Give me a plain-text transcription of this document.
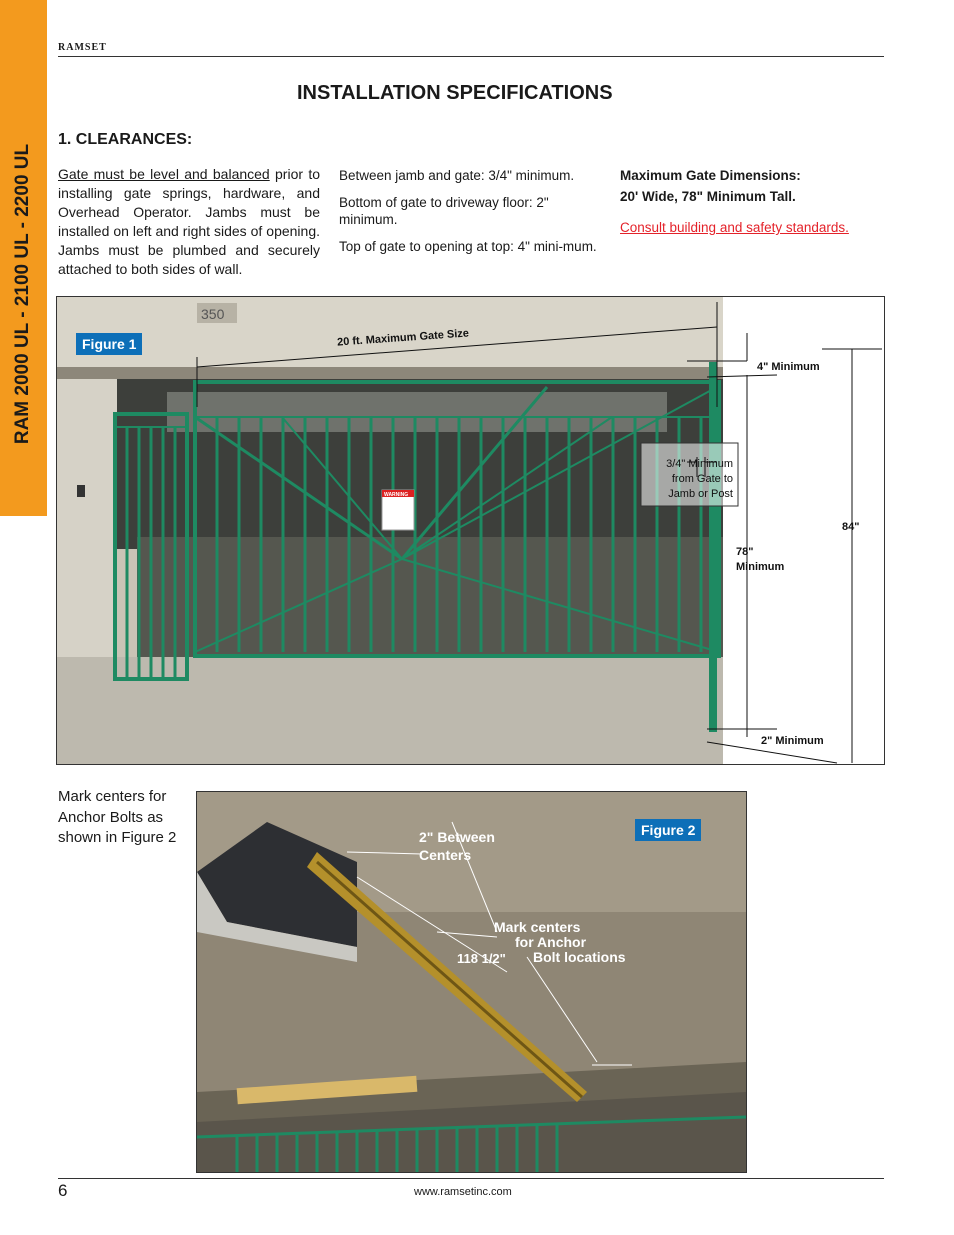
RAMSET
RAM 2000 UL - 2100 UL - 2200 UL
INSTALLATION SPECIFICATIONS
1. CLEARANCES:
Gate must be level and balanced prior to installing gate springs, hardware, and Overhead Operator. Jambs must be installed on left and right sides of opening. Jambs must be plumbed and securely attached to both sides of wall.

Between jamb and gate: 3/4" minimum.

Bottom of gate to driveway floor: 2" minimum.

Top of gate to opening at top: 4" mini-mum.

Maximum Gate Dimensions:
20' Wide, 78" Minimum Tall.
Consult building and safety standards.
350
WARNING
Figure 1	20 ft. Maximum Gate Size
4" Minimum
3/4" Minimum from Gate to Jamb or Post
78"
Minimum
84"
2" Minimum
Mark centers for Anchor Bolts as shown in Figure 2	Figure 2
2" Between
Centers
Mark centers
for Anchor
Bolt locations
118 1/2"
6	www.ramsetinc.com
